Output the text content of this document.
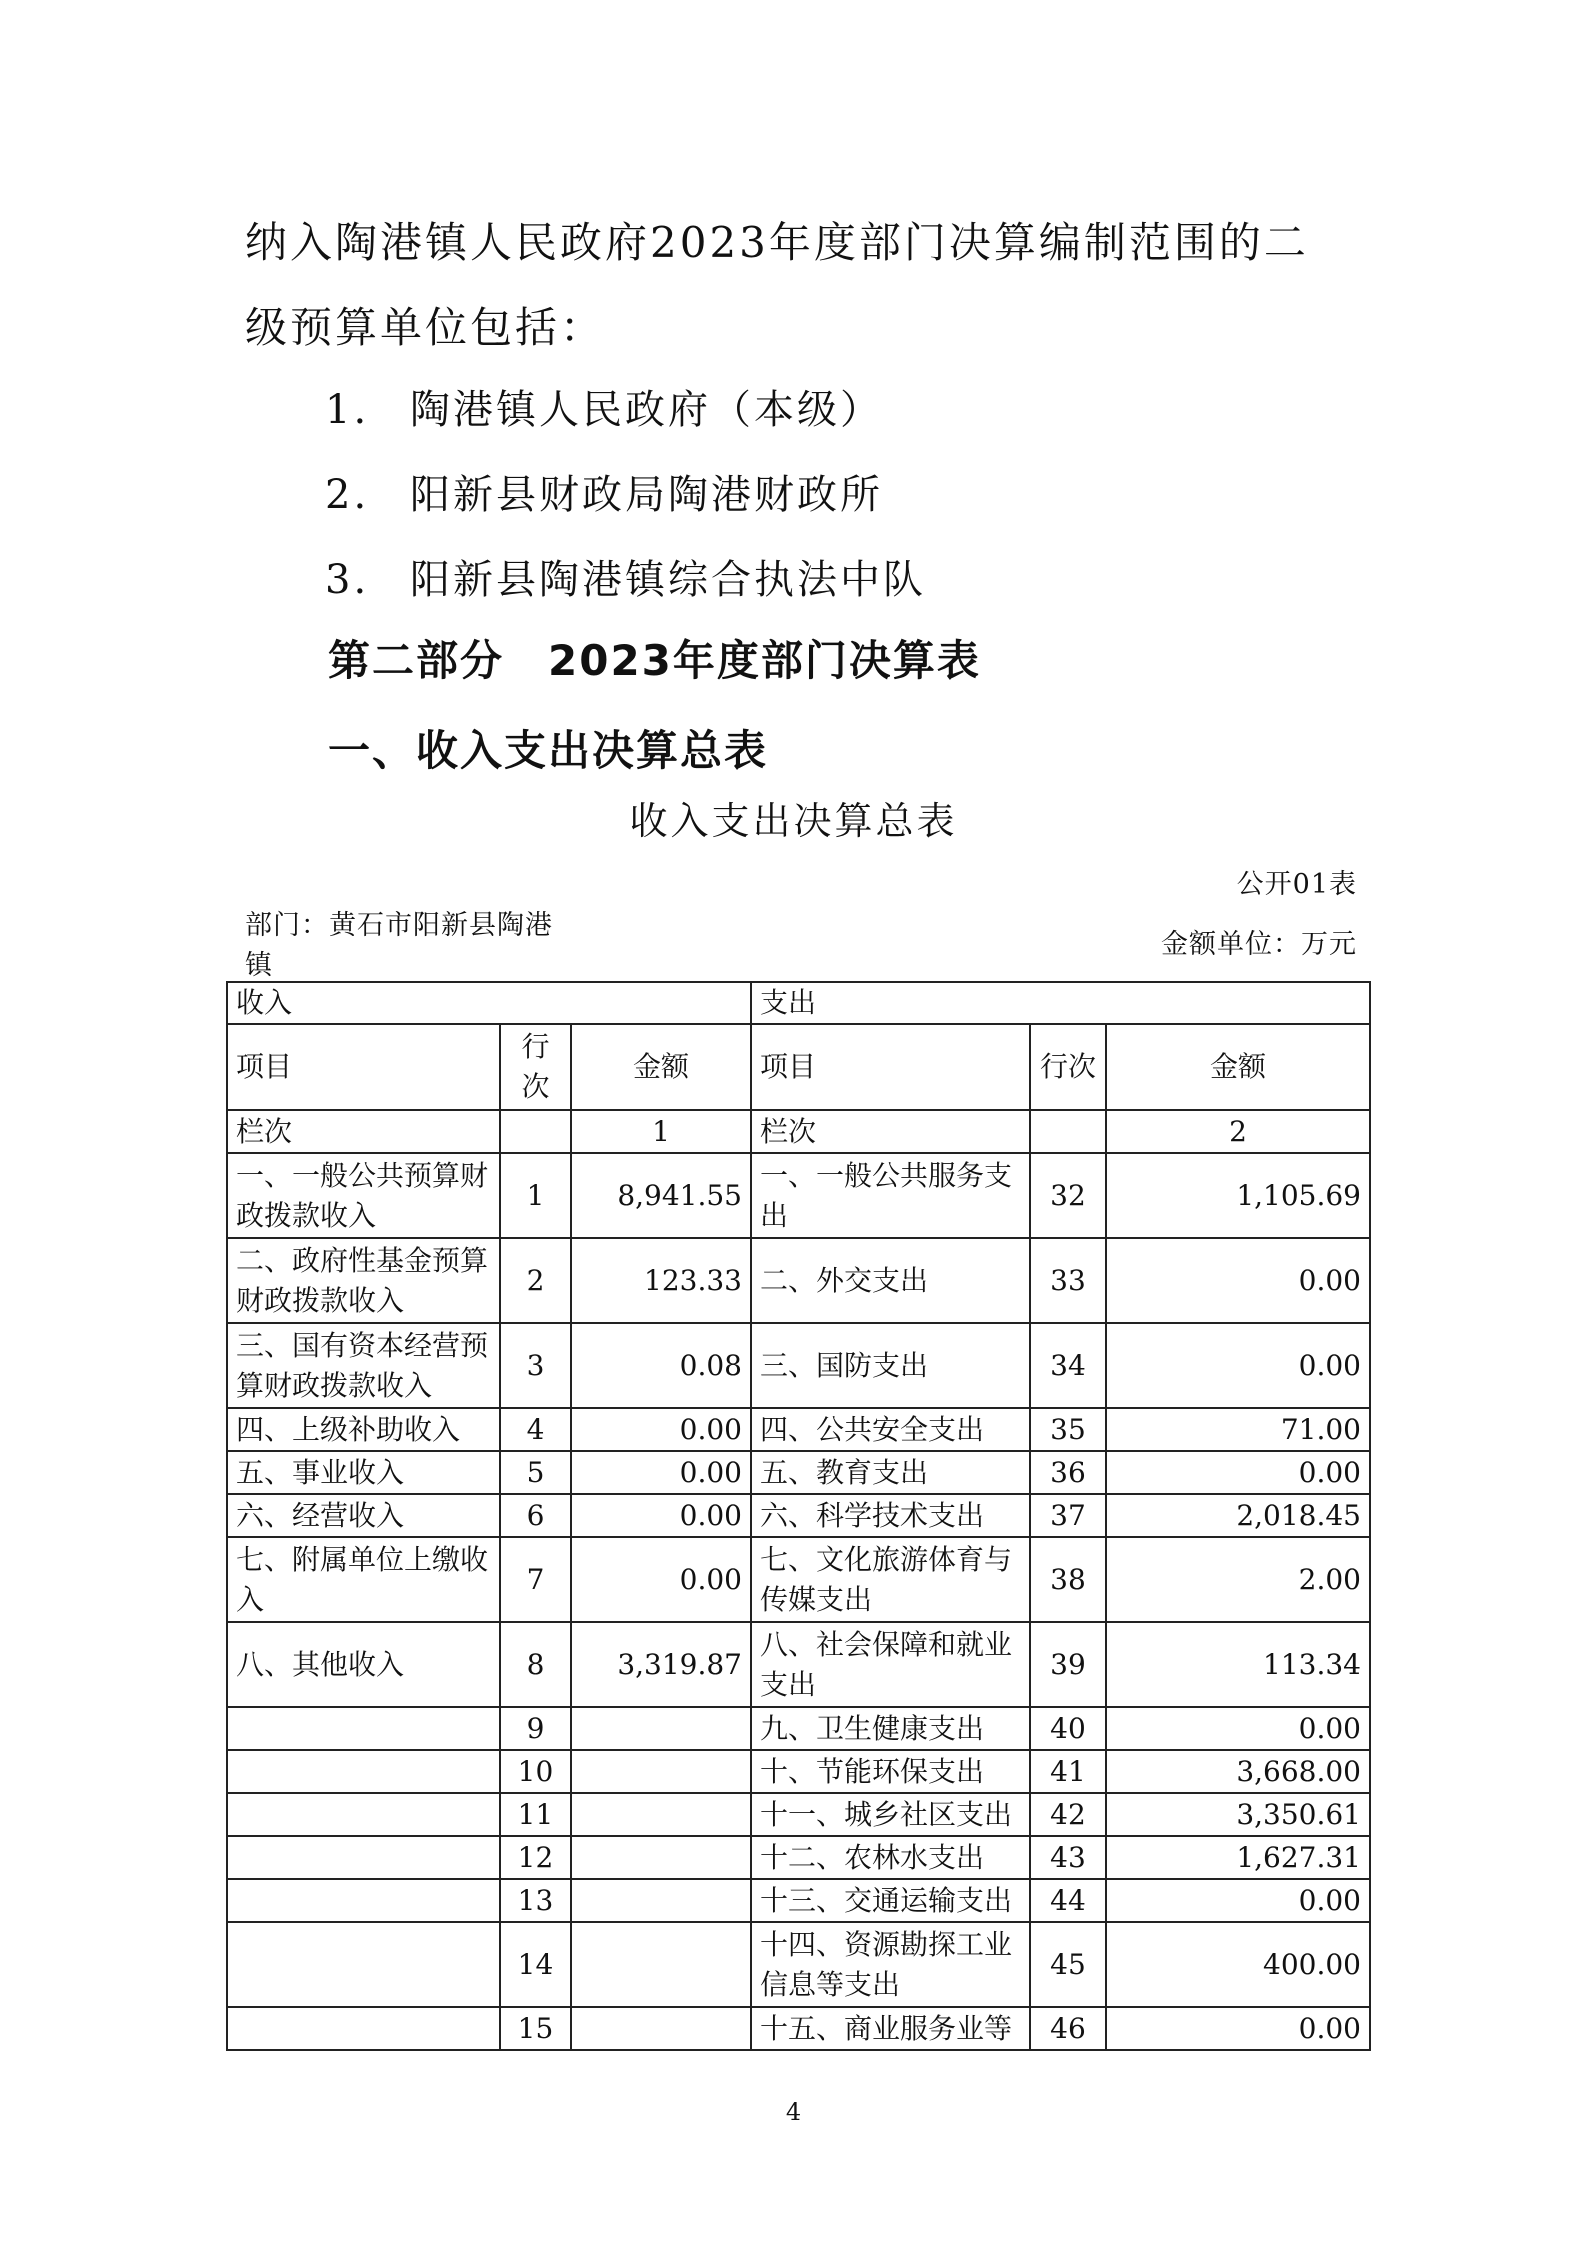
纳入陶港镇人民政府2023年度部门决算编制范围的二
级预算单位包括：
1. 陶港镇人民政府（本级）
2. 阳新县财政局陶港财政所
3. 阳新县陶港镇综合执法中队
第二部分　2023年度部门决算表
一、收入支出决算总表
收入支出决算总表
公开01表
部门：黄石市阳新县陶港镇
金额单位：万元
收入			支出		
项目	行次	金额	项目	行次	金额
栏次		1	栏次		2
一、一般公共预算财政拨款收入	1	8,941.55	一、一般公共服务支出	32	1,105.69
二、政府性基金预算财政拨款收入	2	123.33	二、外交支出	33	0.00
三、国有资本经营预算财政拨款收入	3	0.08	三、国防支出	34	0.00
四、上级补助收入	4	0.00	四、公共安全支出	35	71.00
五、事业收入	5	0.00	五、教育支出	36	0.00
六、经营收入	6	0.00	六、科学技术支出	37	2,018.45
七、附属单位上缴收入	7	0.00	七、文化旅游体育与传媒支出	38	2.00
八、其他收入	8	3,319.87	八、社会保障和就业支出	39	113.34
	9		九、卫生健康支出	40	0.00
	10		十、节能环保支出	41	3,668.00
	11		十一、城乡社区支出	42	3,350.61
	12		十二、农林水支出	43	1,627.31
	13		十三、交通运输支出	44	0.00
	14		十四、资源勘探工业信息等支出	45	400.00
	15		十五、商业服务业等	46	0.00
4
